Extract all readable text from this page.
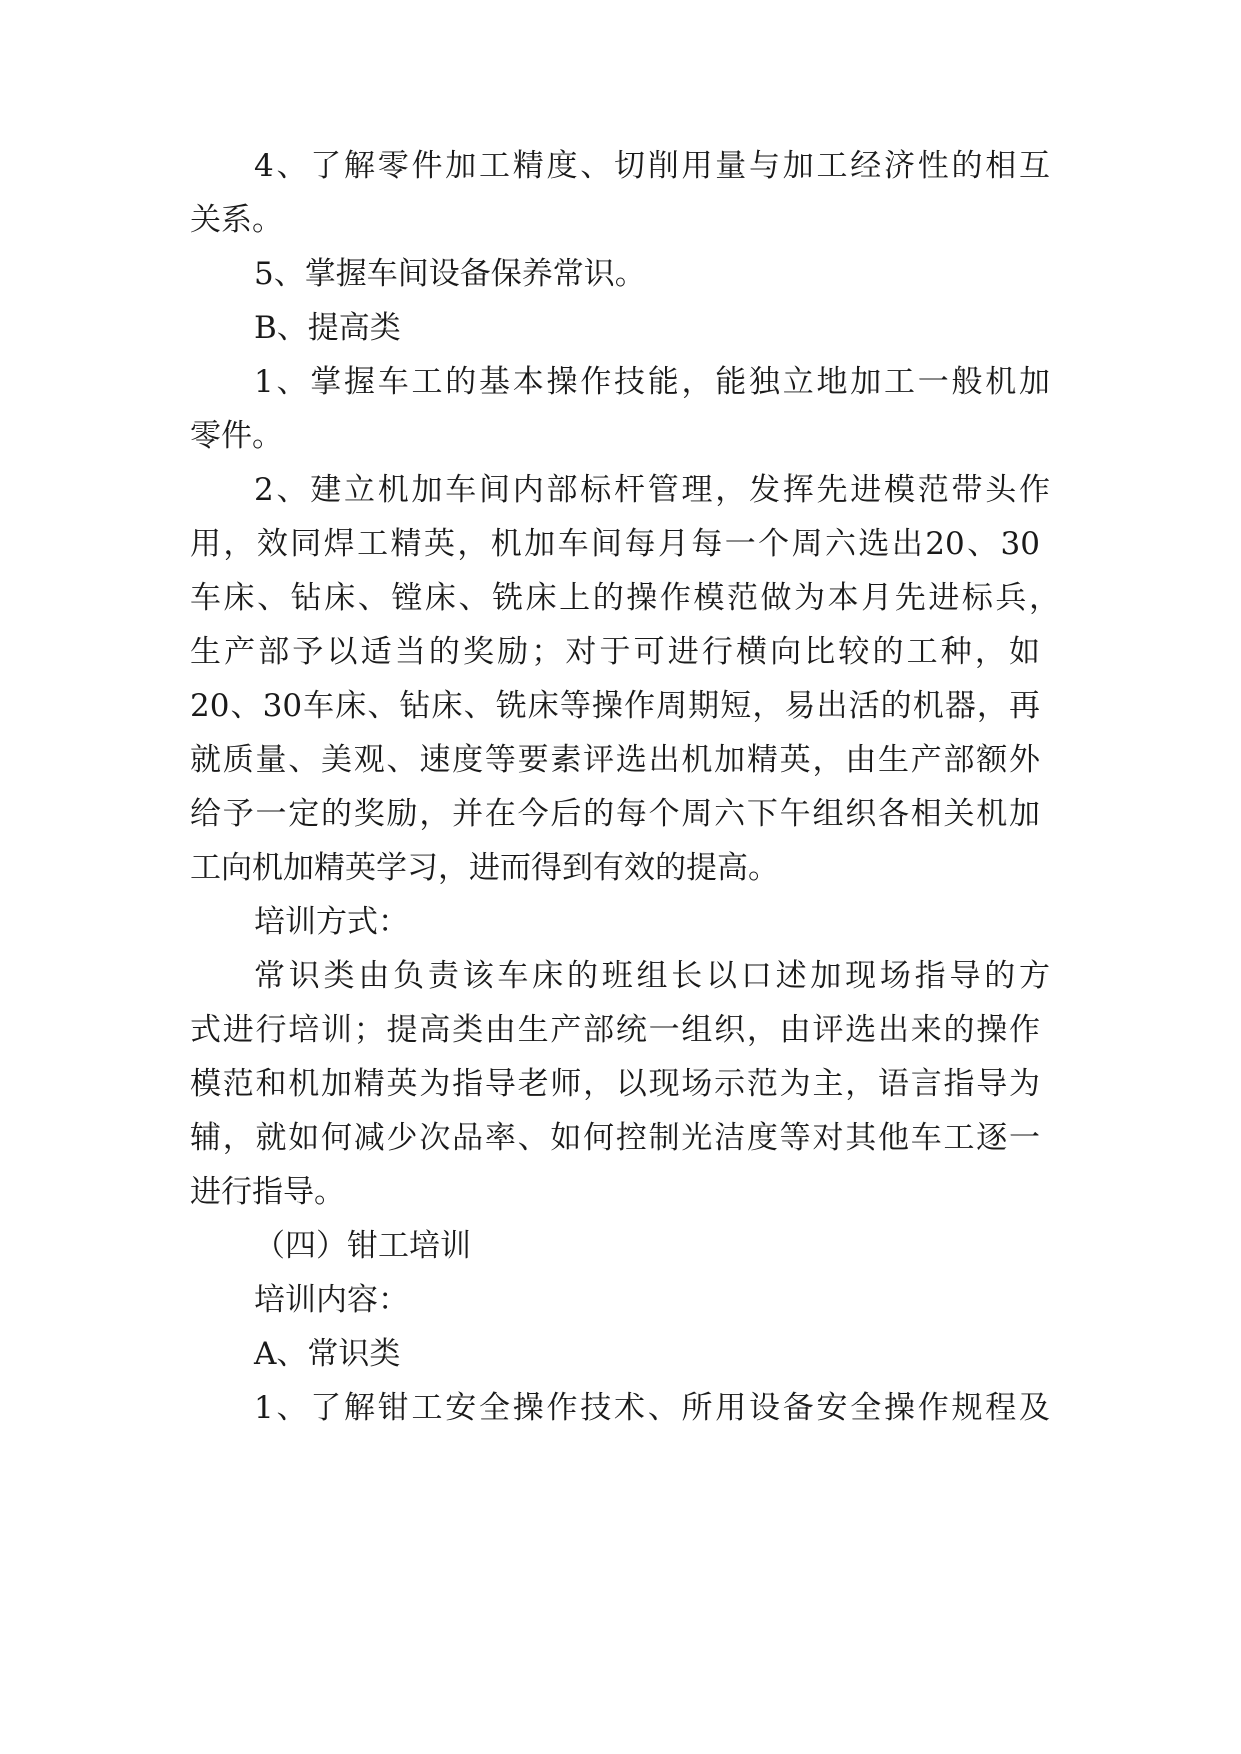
4、了解零件加工精度、切削用量与加工经济性的相互
关系。
5、掌握车间设备保养常识。
B、提高类
1、掌握车工的基本操作技能，能独立地加工一般机加
零件。
2、建立机加车间内部标杆管理，发挥先进模范带头作
用，效同焊工精英，机加车间每月每一个周六选出20、30
车床、钻床、镗床、铣床上的操作模范做为本月先进标兵，
生产部予以适当的奖励；对于可进行横向比较的工种，如
20、30车床、钻床、铣床等操作周期短，易出活的机器，再
就质量、美观、速度等要素评选出机加精英，由生产部额外
给予一定的奖励，并在今后的每个周六下午组织各相关机加
工向机加精英学习，进而得到有效的提高。
培训方式：
常识类由负责该车床的班组长以口述加现场指导的方
式进行培训；提高类由生产部统一组织，由评选出来的操作
模范和机加精英为指导老师，以现场示范为主，语言指导为
辅，就如何减少次品率、如何控制光洁度等对其他车工逐一
进行指导。
（四）钳工培训
培训内容：
A、常识类
1、了解钳工安全操作技术、所用设备安全操作规程及
